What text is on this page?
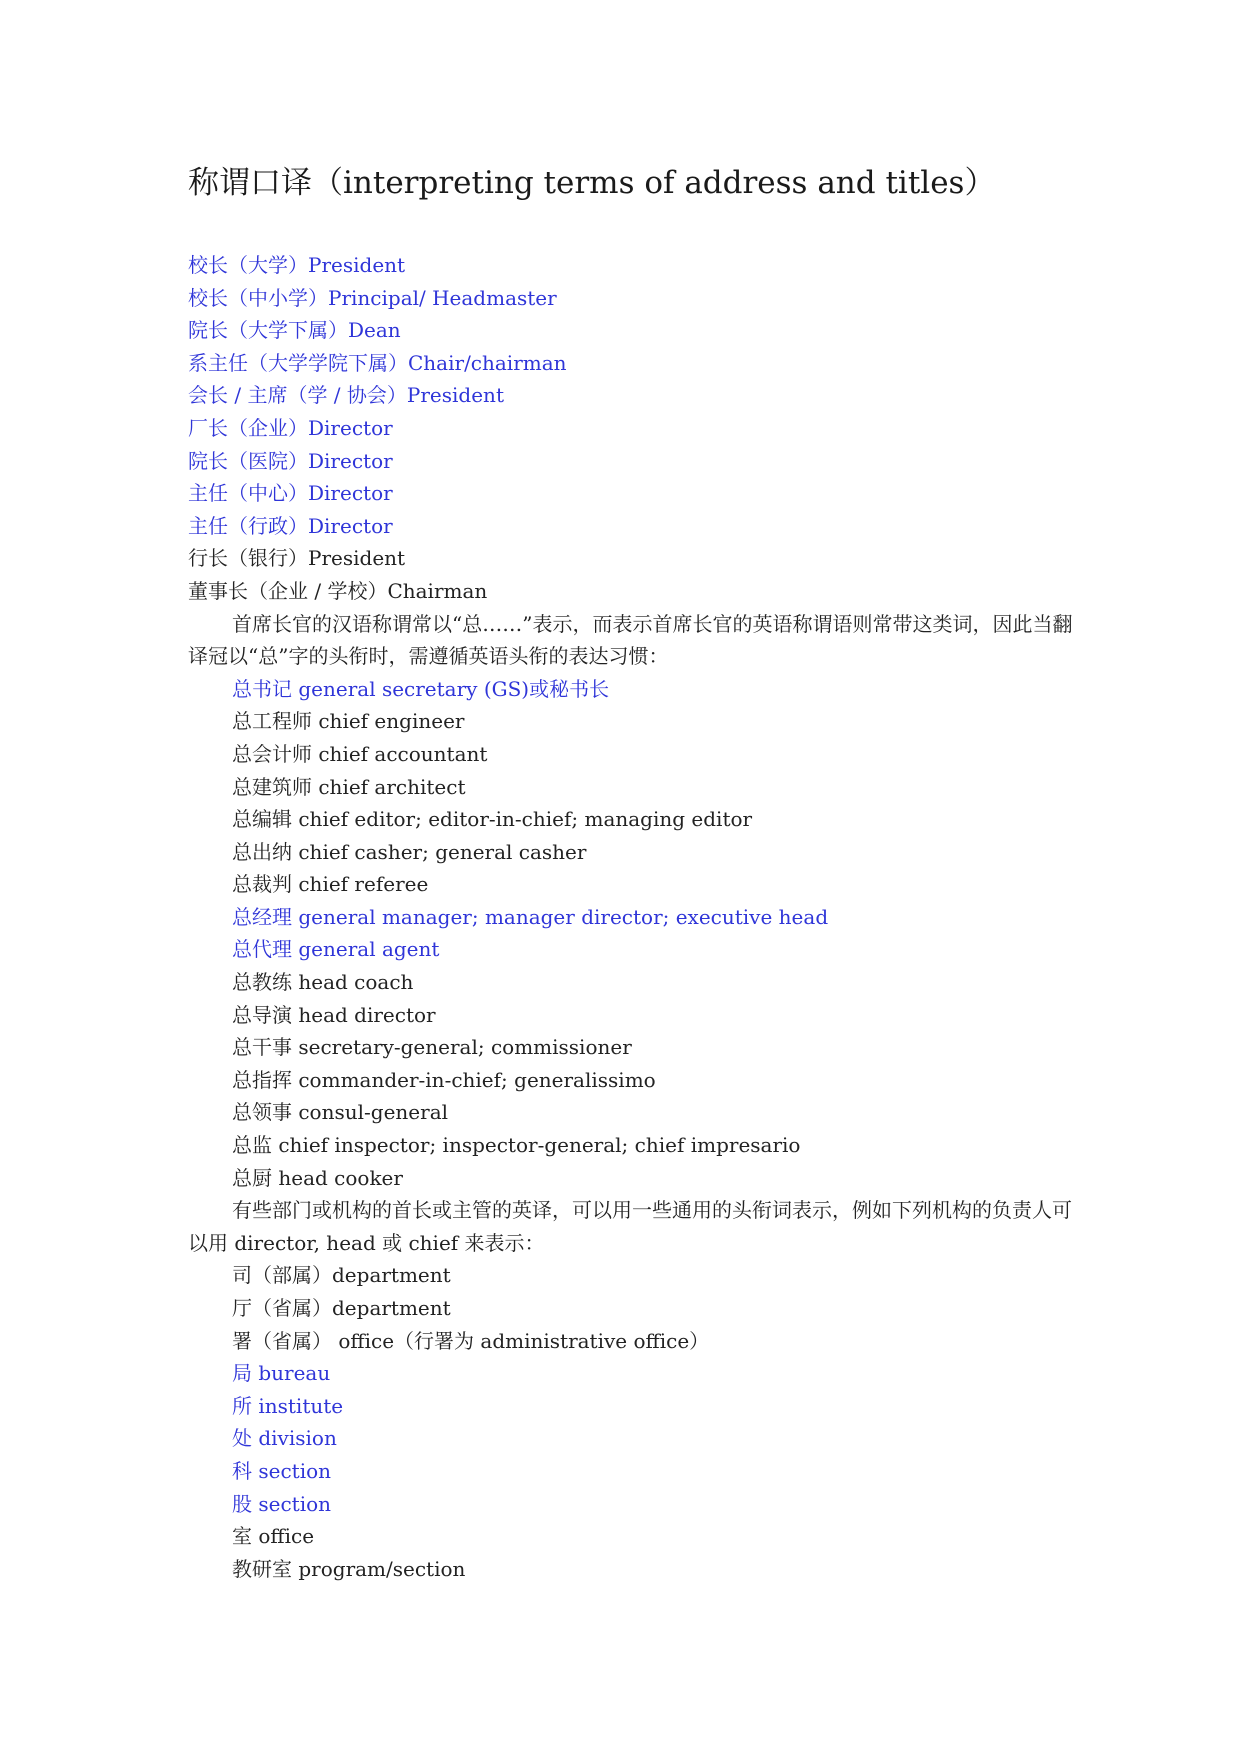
称谓口译（interpreting terms of address and titles）
校长（大学）President
校长（中小学）Principal/ Headmaster
院长（大学下属）Dean
系主任（大学学院下属）Chair/chairman
会长 / 主席（学 / 协会）President
厂长（企业）Director
院长（医院）Director
主任（中心）Director
主任（行政）Director
行长（银行）President
董事长（企业 / 学校）Chairman
首席长官的汉语称谓常以“总……”表示，而表示首席长官的英语称谓语则常带这类词，因此当翻译冠以“总”字的头衔时，需遵循英语头衔的表达习惯：
总书记 general secretary (GS)或秘书长
总工程师 chief engineer
总会计师 chief accountant
总建筑师 chief architect
总编辑 chief editor; editor-in-chief; managing editor
总出纳 chief casher; general casher
总裁判 chief referee
总经理 general manager; manager director; executive head
总代理 general agent
总教练 head coach
总导演 head director
总干事 secretary-general; commissioner
总指挥 commander-in-chief; generalissimo
总领事 consul-general
总监 chief inspector; inspector-general; chief impresario
总厨 head cooker
有些部门或机构的首长或主管的英译，可以用一些通用的头衔词表示，例如下列机构的负责人可以用 director, head 或 chief 来表示：
司（部属）department
厅（省属）department
署（省属） office（行署为 administrative office）
局 bureau
所 institute
处 division
科 section
股 section
室 office
教研室 program/section
